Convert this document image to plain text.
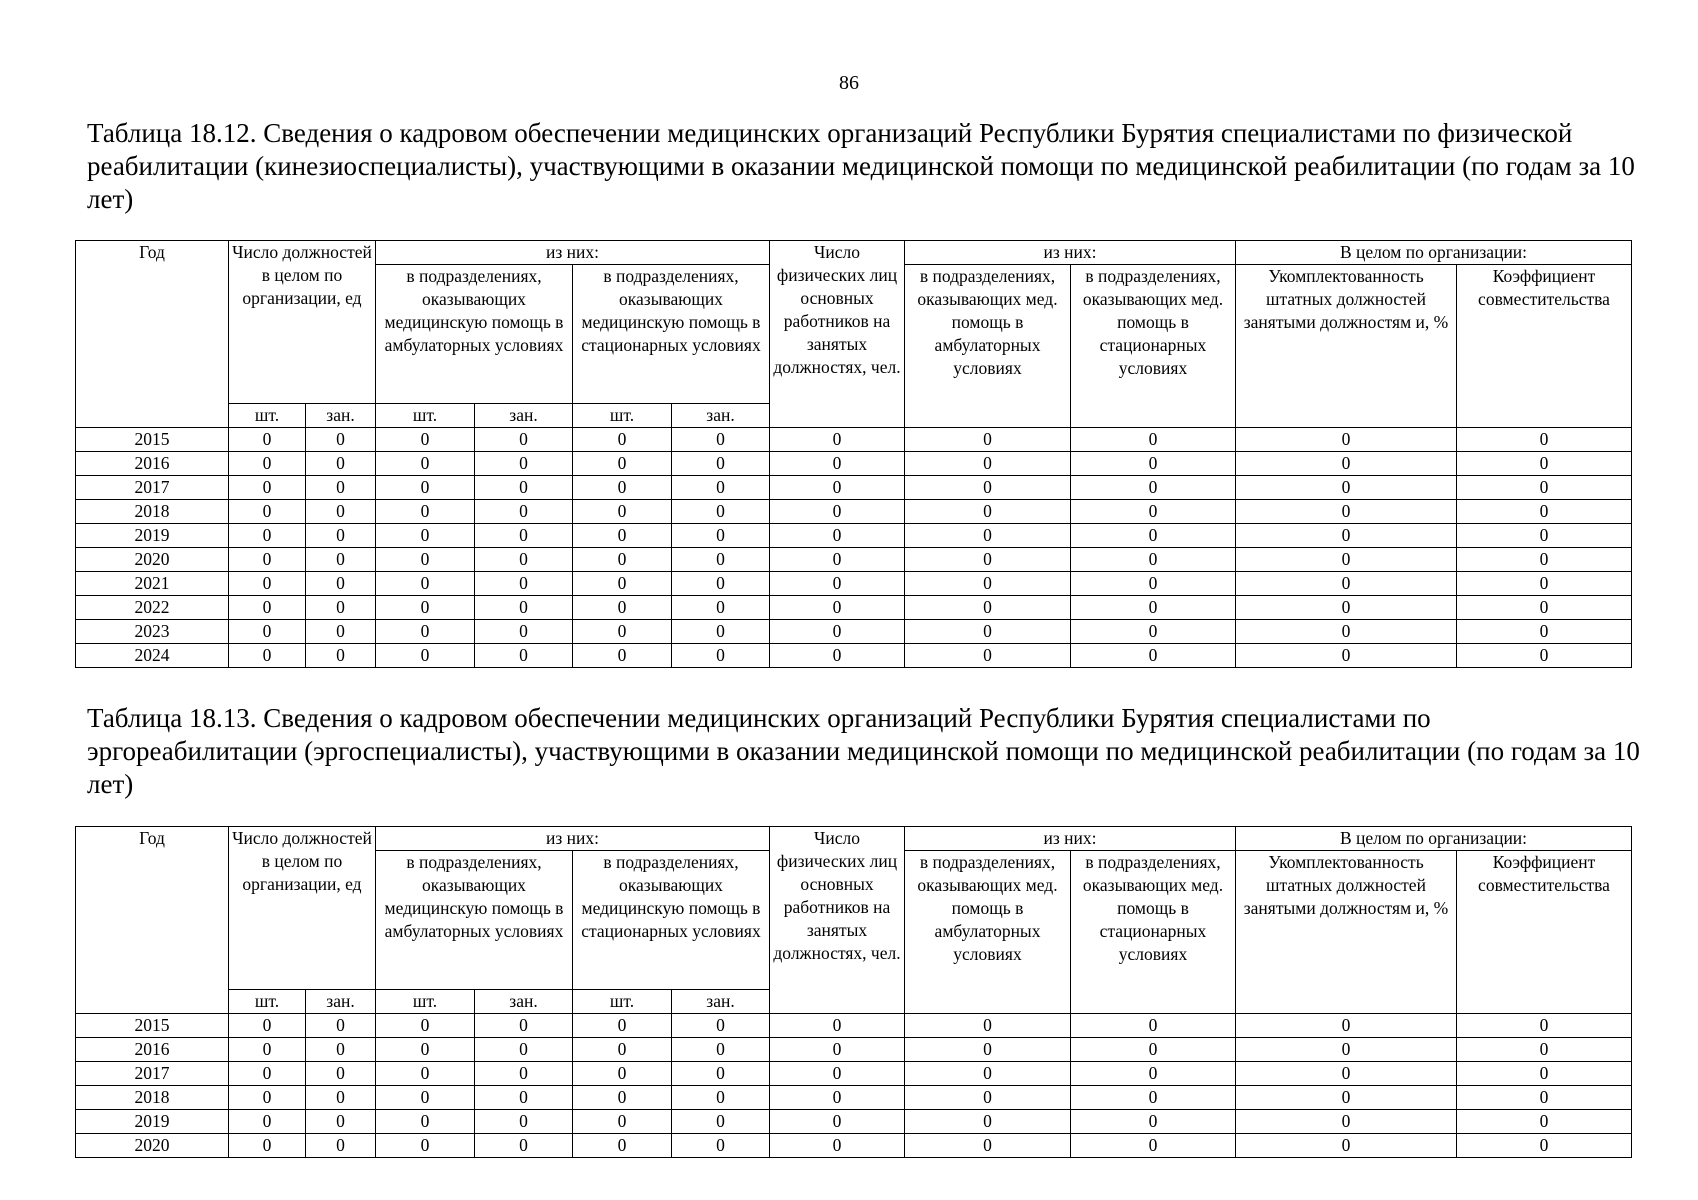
86
Таблица 18.12. Сведения о кадровом обеспечении медицинских организаций Республики Бурятия специалистами по физической реабилитации (кинезиоспециалисты), участвующими в оказании медицинской помощи по медицинской реабилитации (по годам за 10 лет)
Год	Число должностей в целом по организации, ед		из них:				Число физических лиц основных работников на занятых должностях, чел.	из них:		В целом по организации:	
			в подразделениях, оказывающих медицинскую помощь в амбулаторных условиях		в подразделениях, оказывающих медицинскую помощь в стационарных условиях			в подразделениях, оказывающих мед. помощь в амбулаторных условиях	в подразделениях, оказывающих мед. помощь в стационарных условиях	Укомплектованность штатных должностей занятыми должностям и, %	Коэффициент совместительства
	шт.	зан.	шт.	зан.	шт.	зан.					
2015	0	0	0	0	0	0	0	0	0	0	0
2016	0	0	0	0	0	0	0	0	0	0	0
2017	0	0	0	0	0	0	0	0	0	0	0
2018	0	0	0	0	0	0	0	0	0	0	0
2019	0	0	0	0	0	0	0	0	0	0	0
2020	0	0	0	0	0	0	0	0	0	0	0
2021	0	0	0	0	0	0	0	0	0	0	0
2022	0	0	0	0	0	0	0	0	0	0	0
2023	0	0	0	0	0	0	0	0	0	0	0
2024	0	0	0	0	0	0	0	0	0	0	0
Таблица 18.13. Сведения о кадровом обеспечении медицинских организаций Республики Бурятия специалистами по эргореабилитации (эргоспециалисты), участвующими в оказании медицинской помощи по медицинской реабилитации (по годам за 10 лет)
Год	Число должностей в целом по организации, ед		из них:				Число физических лиц основных работников на занятых должностях, чел.	из них:		В целом по организации:	
			в подразделениях, оказывающих медицинскую помощь в амбулаторных условиях		в подразделениях, оказывающих медицинскую помощь в стационарных условиях			в подразделениях, оказывающих мед. помощь в амбулаторных условиях	в подразделениях, оказывающих мед. помощь в стационарных условиях	Укомплектованность штатных должностей занятыми должностям и, %	Коэффициент совместительства
	шт.	зан.	шт.	зан.	шт.	зан.					
2015	0	0	0	0	0	0	0	0	0	0	0
2016	0	0	0	0	0	0	0	0	0	0	0
2017	0	0	0	0	0	0	0	0	0	0	0
2018	0	0	0	0	0	0	0	0	0	0	0
2019	0	0	0	0	0	0	0	0	0	0	0
2020	0	0	0	0	0	0	0	0	0	0	0
